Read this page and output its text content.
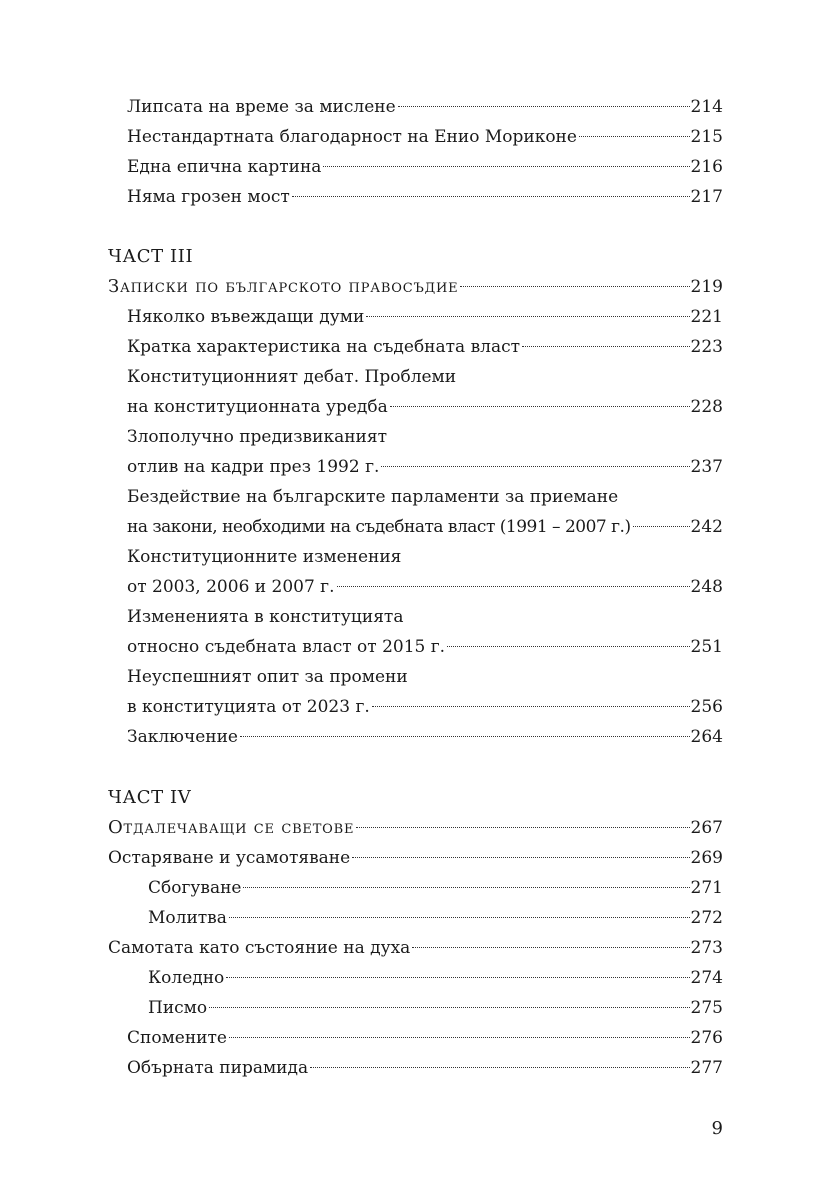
Липсата на време за мислене	214
Нестандартната благодарност на Енио Мориконе	215
Една епична картина	216
Няма грозен мост	217
ЧАСТ III
Записки по българското правосъдие	219
Няколко въвеждащи думи	221
Кратка характеристика на съдебната власт	223
Конституционният дебат. Проблеми
на конституционната уредба	228
Злополучно предизвиканият
отлив на кадри през 1992 г.	237
Бездействие на българските парламенти за приемане
на закони, необходими на съдебната власт (1991 – 2007 г.)	242
Конституционните изменения
от 2003, 2006 и 2007 г.	248
Измененията в конституцията
относно съдебната власт от 2015 г.	251
Неуспешният опит за промени
в конституцията от 2023 г.	256
Заключение	264
ЧАСТ IV
Отдалечаващи се светове	267
Остаряване и усамотяване	269
Сбогуване	271
Молитва	272
Самотата като състояние на духа	273
Коледно	274
Писмо	275
Спомените	276
Обърната пирамида	277
9
